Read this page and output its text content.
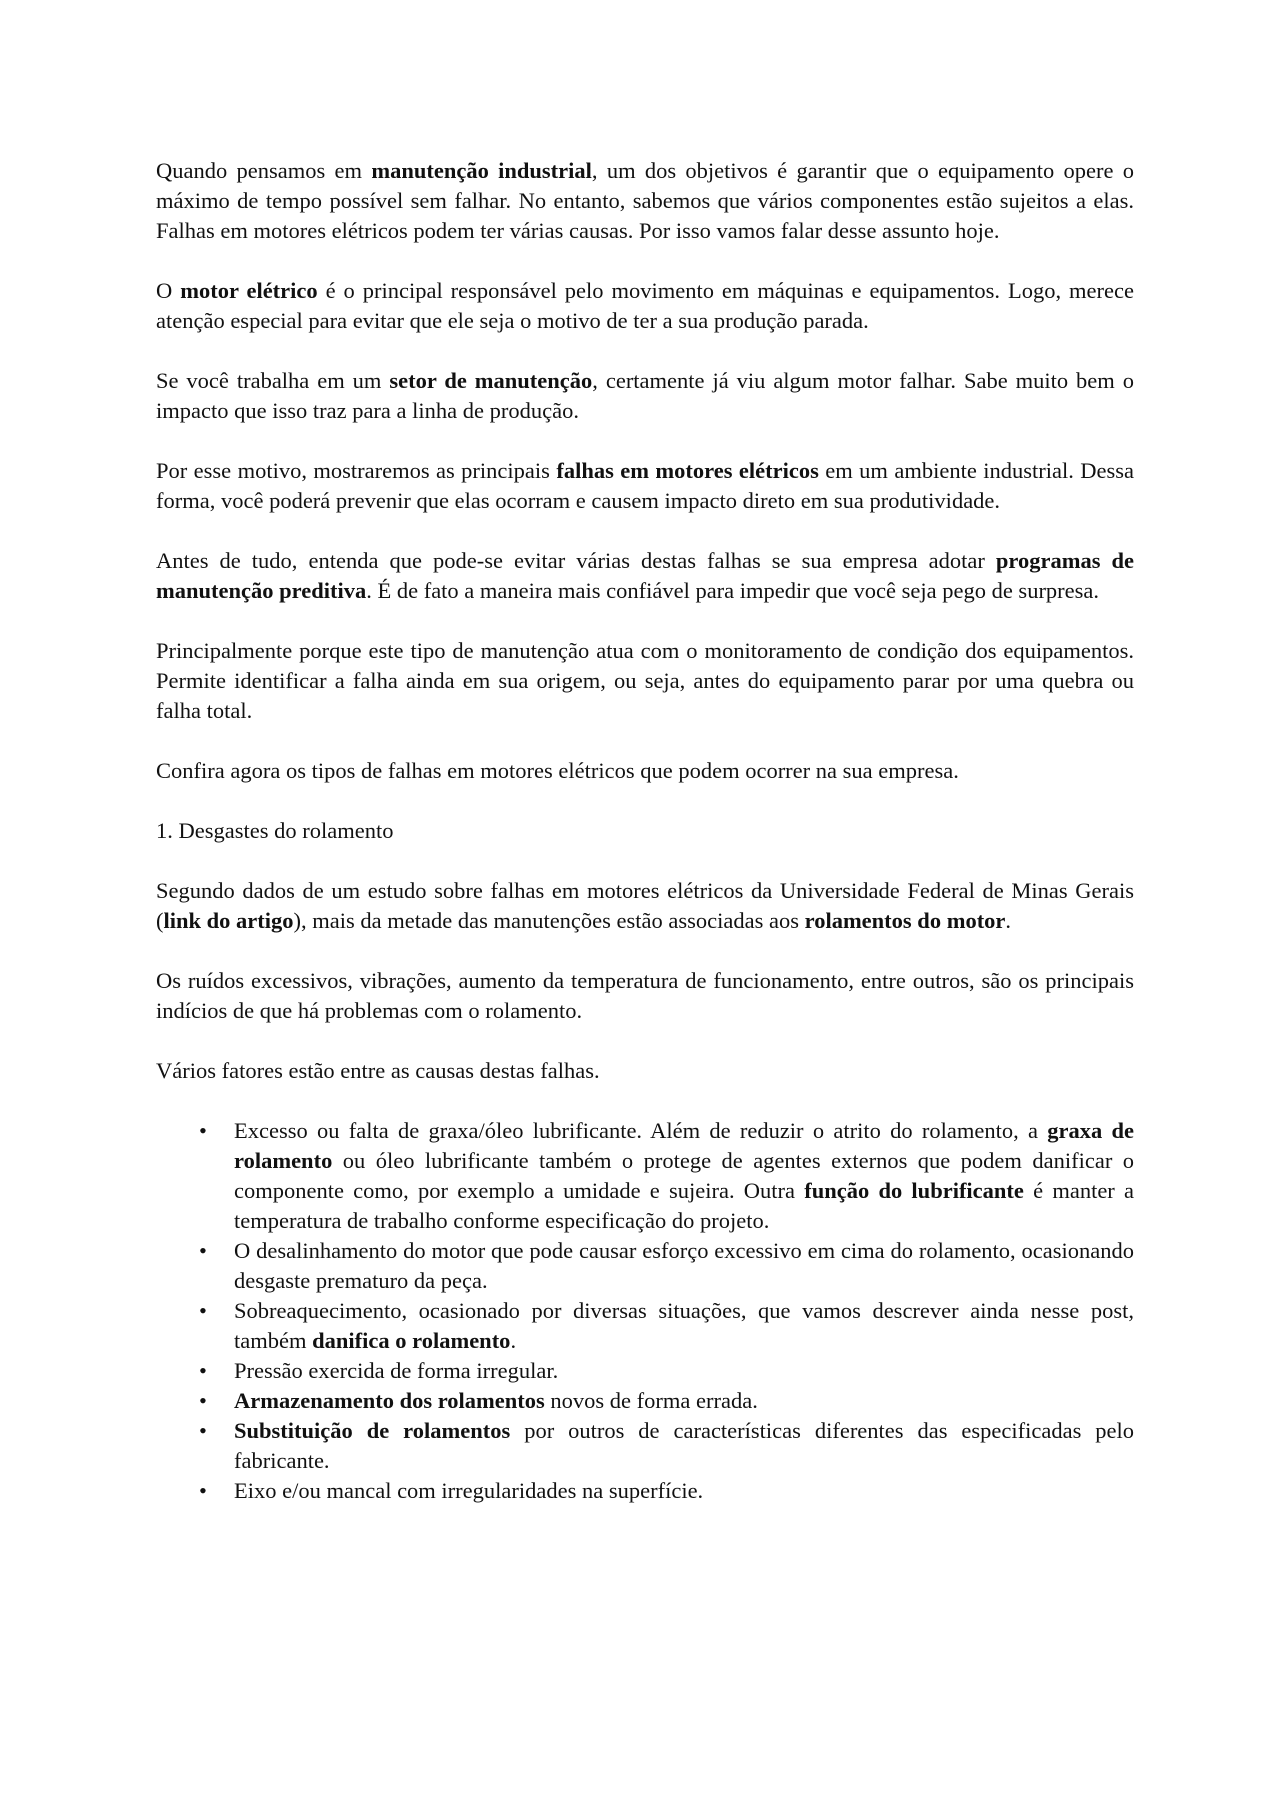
Quando pensamos em manutenção industrial, um dos objetivos é garantir que o equipamento opere o máximo de tempo possível sem falhar. No entanto, sabemos que vários componentes estão sujeitos a elas. Falhas em motores elétricos podem ter várias causas. Por isso vamos falar desse assunto hoje.

O motor elétrico é o principal responsável pelo movimento em máquinas e equipamentos. Logo, merece atenção especial para evitar que ele seja o motivo de ter a sua produção parada.

Se você trabalha em um setor de manutenção, certamente já viu algum motor falhar. Sabe muito bem o impacto que isso traz para a linha de produção.

Por esse motivo, mostraremos as principais falhas em motores elétricos em um ambiente industrial. Dessa forma, você poderá prevenir que elas ocorram e causem impacto direto em sua produtividade.

Antes de tudo, entenda que pode-se evitar várias destas falhas se sua empresa adotar programas de manutenção preditiva. É de fato a maneira mais confiável para impedir que você seja pego de surpresa.

Principalmente porque este tipo de manutenção atua com o monitoramento de condição dos equipamentos. Permite identificar a falha ainda em sua origem, ou seja, antes do equipamento parar por uma quebra ou falha total.

Confira agora os tipos de falhas em motores elétricos que podem ocorrer na sua empresa.

1. Desgastes do rolamento

Segundo dados de um estudo sobre falhas em motores elétricos da Universidade Federal de Minas Gerais (link do artigo), mais da metade das manutenções estão associadas aos rolamentos do motor.

Os ruídos excessivos, vibrações, aumento da temperatura de funcionamento, entre outros, são os principais indícios de que há problemas com o rolamento.

Vários fatores estão entre as causas destas falhas.

• Excesso ou falta de graxa/óleo lubrificante. Além de reduzir o atrito do rolamento, a graxa de rolamento ou óleo lubrificante também o protege de agentes externos que podem danificar o componente como, por exemplo a umidade e sujeira. Outra função do lubrificante é manter a temperatura de trabalho conforme especificação do projeto.
• O desalinhamento do motor que pode causar esforço excessivo em cima do rolamento, ocasionando desgaste prematuro da peça.
• Sobreaquecimento, ocasionado por diversas situações, que vamos descrever ainda nesse post, também danifica o rolamento.
• Pressão exercida de forma irregular.
• Armazenamento dos rolamentos novos de forma errada.
• Substituição de rolamentos por outros de características diferentes das especificadas pelo fabricante.
• Eixo e/ou mancal com irregularidades na superfície.
